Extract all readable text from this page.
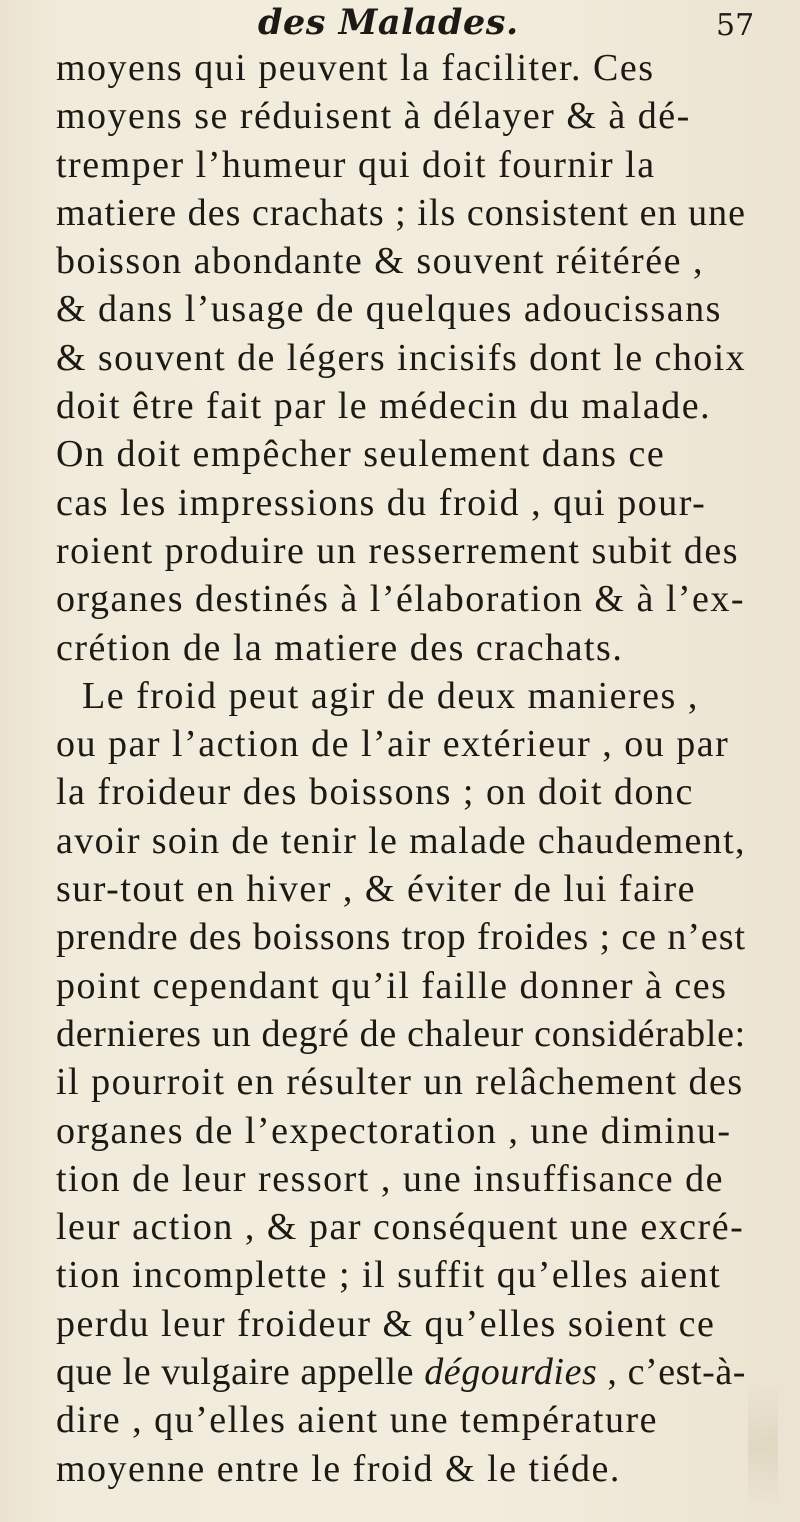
des Malades.	57
moyens qui peuvent la faciliter. Ces
moyens se réduisent à délayer & à dé-
tremper l’humeur qui doit fournir la
matiere des crachats ; ils consistent en une
boisson abondante & souvent réitérée ,
& dans l’usage de quelques adoucissans
& souvent de légers incisifs dont le choix
doit être fait par le médecin du malade.
On doit empêcher seulement dans ce
cas les impressions du froid , qui pour-
roient produire un resserrement subit des
organes destinés à l’élaboration & à l’ex-
crétion de la matiere des crachats.
Le froid peut agir de deux manieres ,
ou par l’action de l’air extérieur , ou par
la froideur des boissons ; on doit donc
avoir soin de tenir le malade chaudement,
sur-tout en hiver , & éviter de lui faire
prendre des boissons trop froides ; ce n’est
point cependant qu’il faille donner à ces
dernieres un degré de chaleur considérable:
il pourroit en résulter un relâchement des
organes de l’expectoration , une diminu-
tion de leur ressort , une insuffisance de
leur action , & par conséquent une excré-
tion incomplette ; il suffit qu’elles aient
perdu leur froideur & qu’elles soient ce
que le vulgaire appelle dégourdies , c’est-à-
dire , qu’elles aient une température
moyenne entre le froid & le tiéde.
